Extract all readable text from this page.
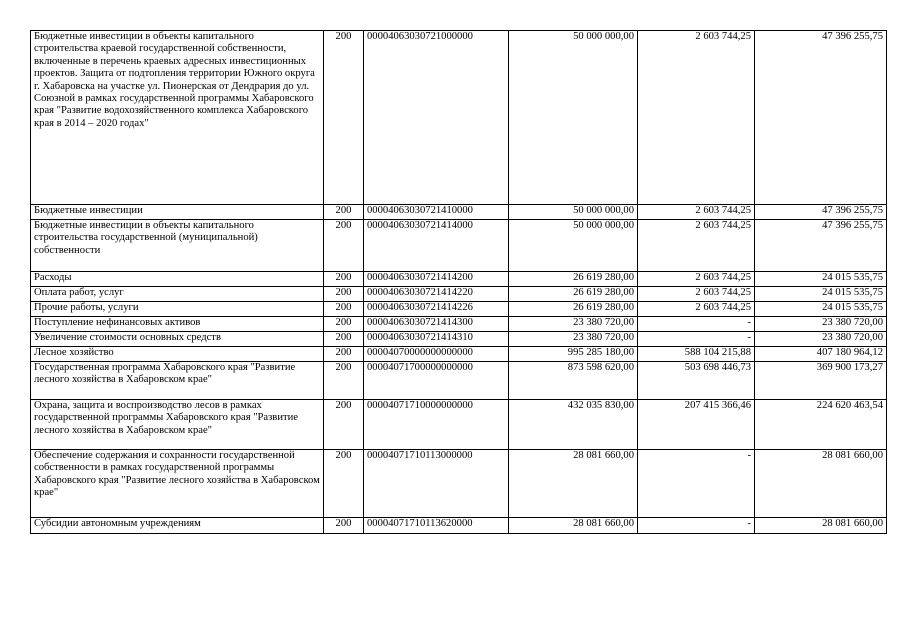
Бюджетные инвестиции в объекты капитального строительства краевой государственной собственности, включенные в перечень краевых адресных инвестиционных проектов. Защита от подтопления территории Южного округа г. Хабаровска на участке ул. Пионерская от Дендрария до ул. Союзной в рамках государственной программы Хабаровского края "Развитие водохозяйственного комплекса Хабаровского края в 2014 – 2020 годах"	200	00004063030721000000	50 000 000,00	2 603 744,25	47 396 255,75
Бюджетные инвестиции	200	00004063030721410000	50 000 000,00	2 603 744,25	47 396 255,75
Бюджетные инвестиции в объекты капитального строительства государственной (муниципальной) собственности	200	00004063030721414000	50 000 000,00	2 603 744,25	47 396 255,75
Расходы	200	00004063030721414200	26 619 280,00	2 603 744,25	24 015 535,75
Оплата работ, услуг	200	00004063030721414220	26 619 280,00	2 603 744,25	24 015 535,75
Прочие работы, услуги	200	00004063030721414226	26 619 280,00	2 603 744,25	24 015 535,75
Поступление нефинансовых активов	200	00004063030721414300	23 380 720,00	-	23 380 720,00
Увеличение стоимости основных средств	200	00004063030721414310	23 380 720,00	-	23 380 720,00
Лесное хозяйство	200	00004070000000000000	995 285 180,00	588 104 215,88	407 180 964,12
Государственная программа Хабаровского края "Развитие лесного хозяйства в Хабаровском крае"	200	00004071700000000000	873 598 620,00	503 698 446,73	369 900 173,27
Охрана, защита и воспроизводство лесов в рамках государственной программы Хабаровского края "Развитие лесного хозяйства в Хабаровском крае"	200	00004071710000000000	432 035 830,00	207 415 366,46	224 620 463,54
Обеспечение содержания и сохранности государственной собственности в рамках государственной программы Хабаровского края "Развитие лесного хозяйства в Хабаровском крае"	200	00004071710113000000	28 081 660,00	-	28 081 660,00
Субсидии автономным учреждениям	200	00004071710113620000	28 081 660,00	-	28 081 660,00
